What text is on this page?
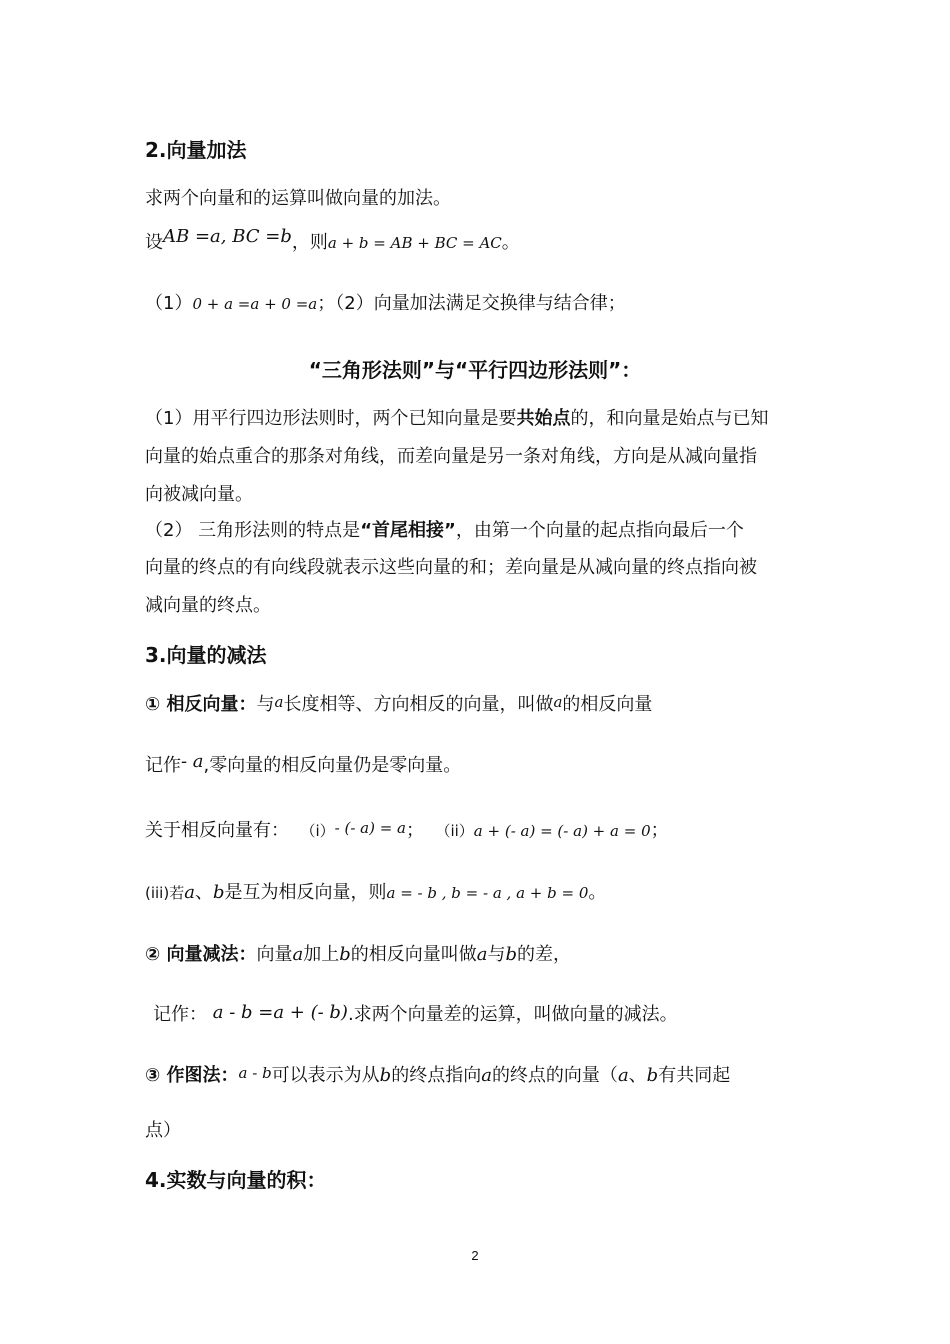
2.向量加法
求两个向量和的运算叫做向量的加法。
设AB =a, BC =b，则a + b = AB + BC = AC。
（1）0 + a =a + 0 =a；（2）向量加法满足交换律与结合律；
“三角形法则”与“平行四边形法则”：
（1）用平行四边形法则时，两个已知向量是要共始点的，和向量是始点与已知
向量的始点重合的那条对角线，而差向量是另一条对角线，方向是从减向量指
向被减向量。
（2） 三角形法则的特点是“首尾相接”，由第一个向量的起点指向最后一个
向量的终点的有向线段就表示这些向量的和；差向量是从减向量的终点指向被
减向量的终点。
3.向量的减法
① 相反向量：与a长度相等、方向相反的向量，叫做a的相反向量
记作- a,零向量的相反向量仍是零向量。
关于相反向量有： （i）- (- a) = a； （ii）a + (- a) = (- a) + a = 0；
(iii)若a、b是互为相反向量，则a = - b , b = - a , a + b = 0。
② 向量减法：向量a加上b的相反向量叫做a与b的差，
记作： a - b =a + (- b).求两个向量差的运算，叫做向量的减法。
③ 作图法：a - b可以表示为从b的终点指向a的终点的向量（a、b有共同起
点）
4.实数与向量的积：
2
